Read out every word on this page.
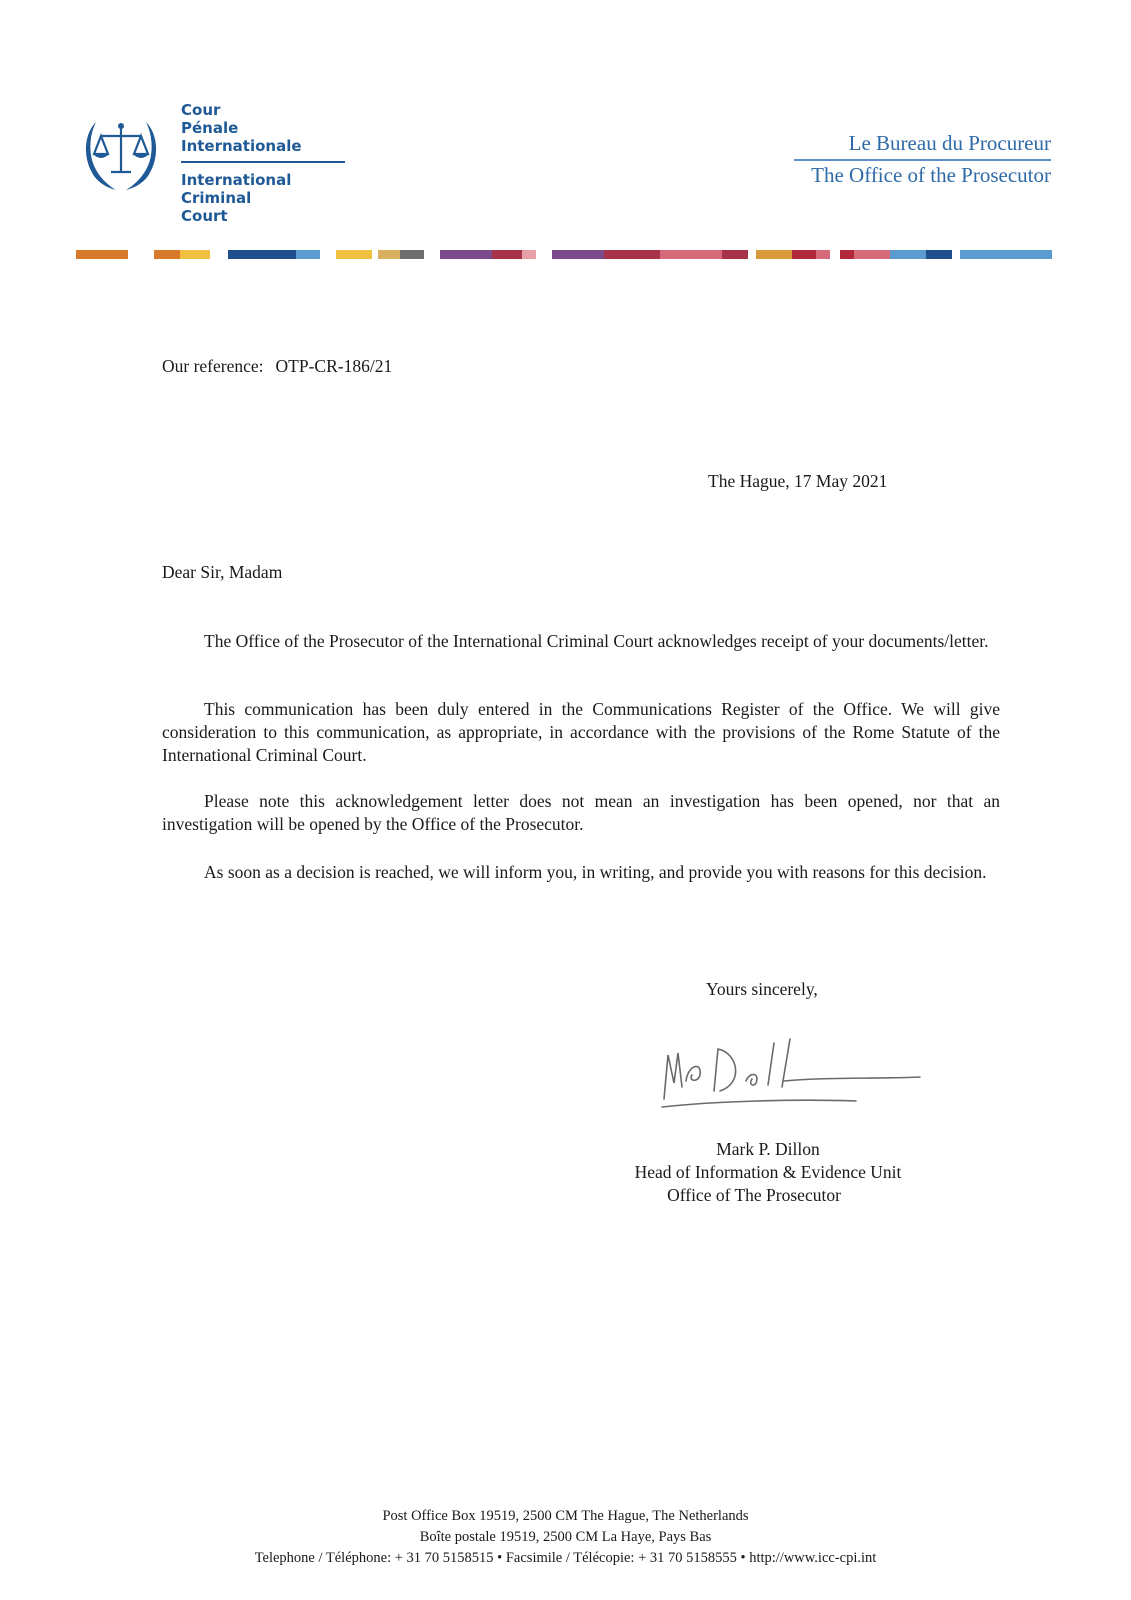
Cour
Pénale
Internationale
International
Criminal
Court
Le Bureau du Procureur
The Office of the Prosecutor
Our reference: OTP-CR-186/21
The Hague, 17 May 2021
Dear Sir, Madam

The Office of the Prosecutor of the International Criminal Court acknowledges receipt of your documents/letter.

This communication has been duly entered in the Communications Register of the Office. We will give consideration to this communication, as appropriate, in accordance with the provisions of the Rome Statute of the International Criminal Court.

Please note this acknowledgement letter does not mean an investigation has been opened, nor that an investigation will be opened by the Office of the Prosecutor.

As soon as a decision is reached, we will inform you, in writing, and provide you with reasons for this decision.

Yours sincerely,
Mark P. Dillon
Head of Information & Evidence Unit
Office of The Prosecutor
Post Office Box 19519, 2500 CM The Hague, The Netherlands
Boîte postale 19519, 2500 CM La Haye, Pays Bas
Telephone / Téléphone: + 31 70 5158515 • Facsimile / Télécopie: + 31 70 5158555 • http://www.icc-cpi.int
